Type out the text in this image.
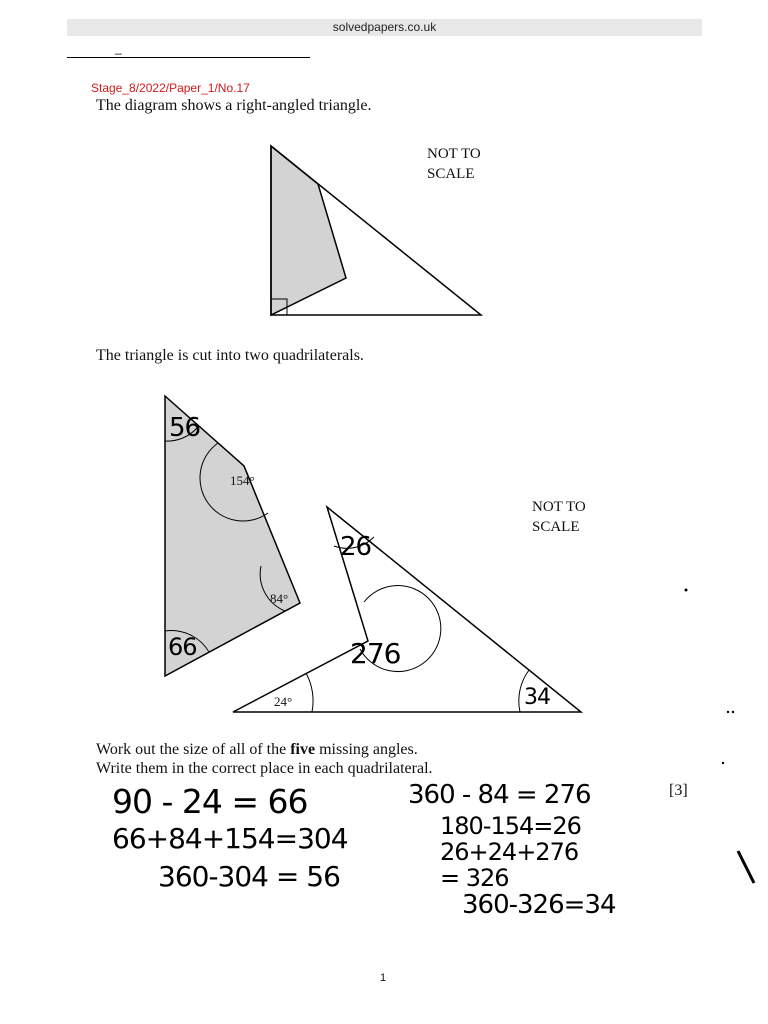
solvedpapers.co.uk
_
Stage_8/2022/Paper_1/No.17
The diagram shows a right-angled triangle.
NOT TO
SCALE
The triangle is cut into two quadrilaterals.
NOT TO
SCALE
154°
84°
24°
56
66
26
276
34
Work out the size of all of the five missing angles.
Write them in the correct place in each quadrilateral.
[3]
90 - 24 = 66
66+84+154=304
360-304 = 56
360 - 84 = 276
180-154=26
26+24+276
= 326
360-326=34
1
